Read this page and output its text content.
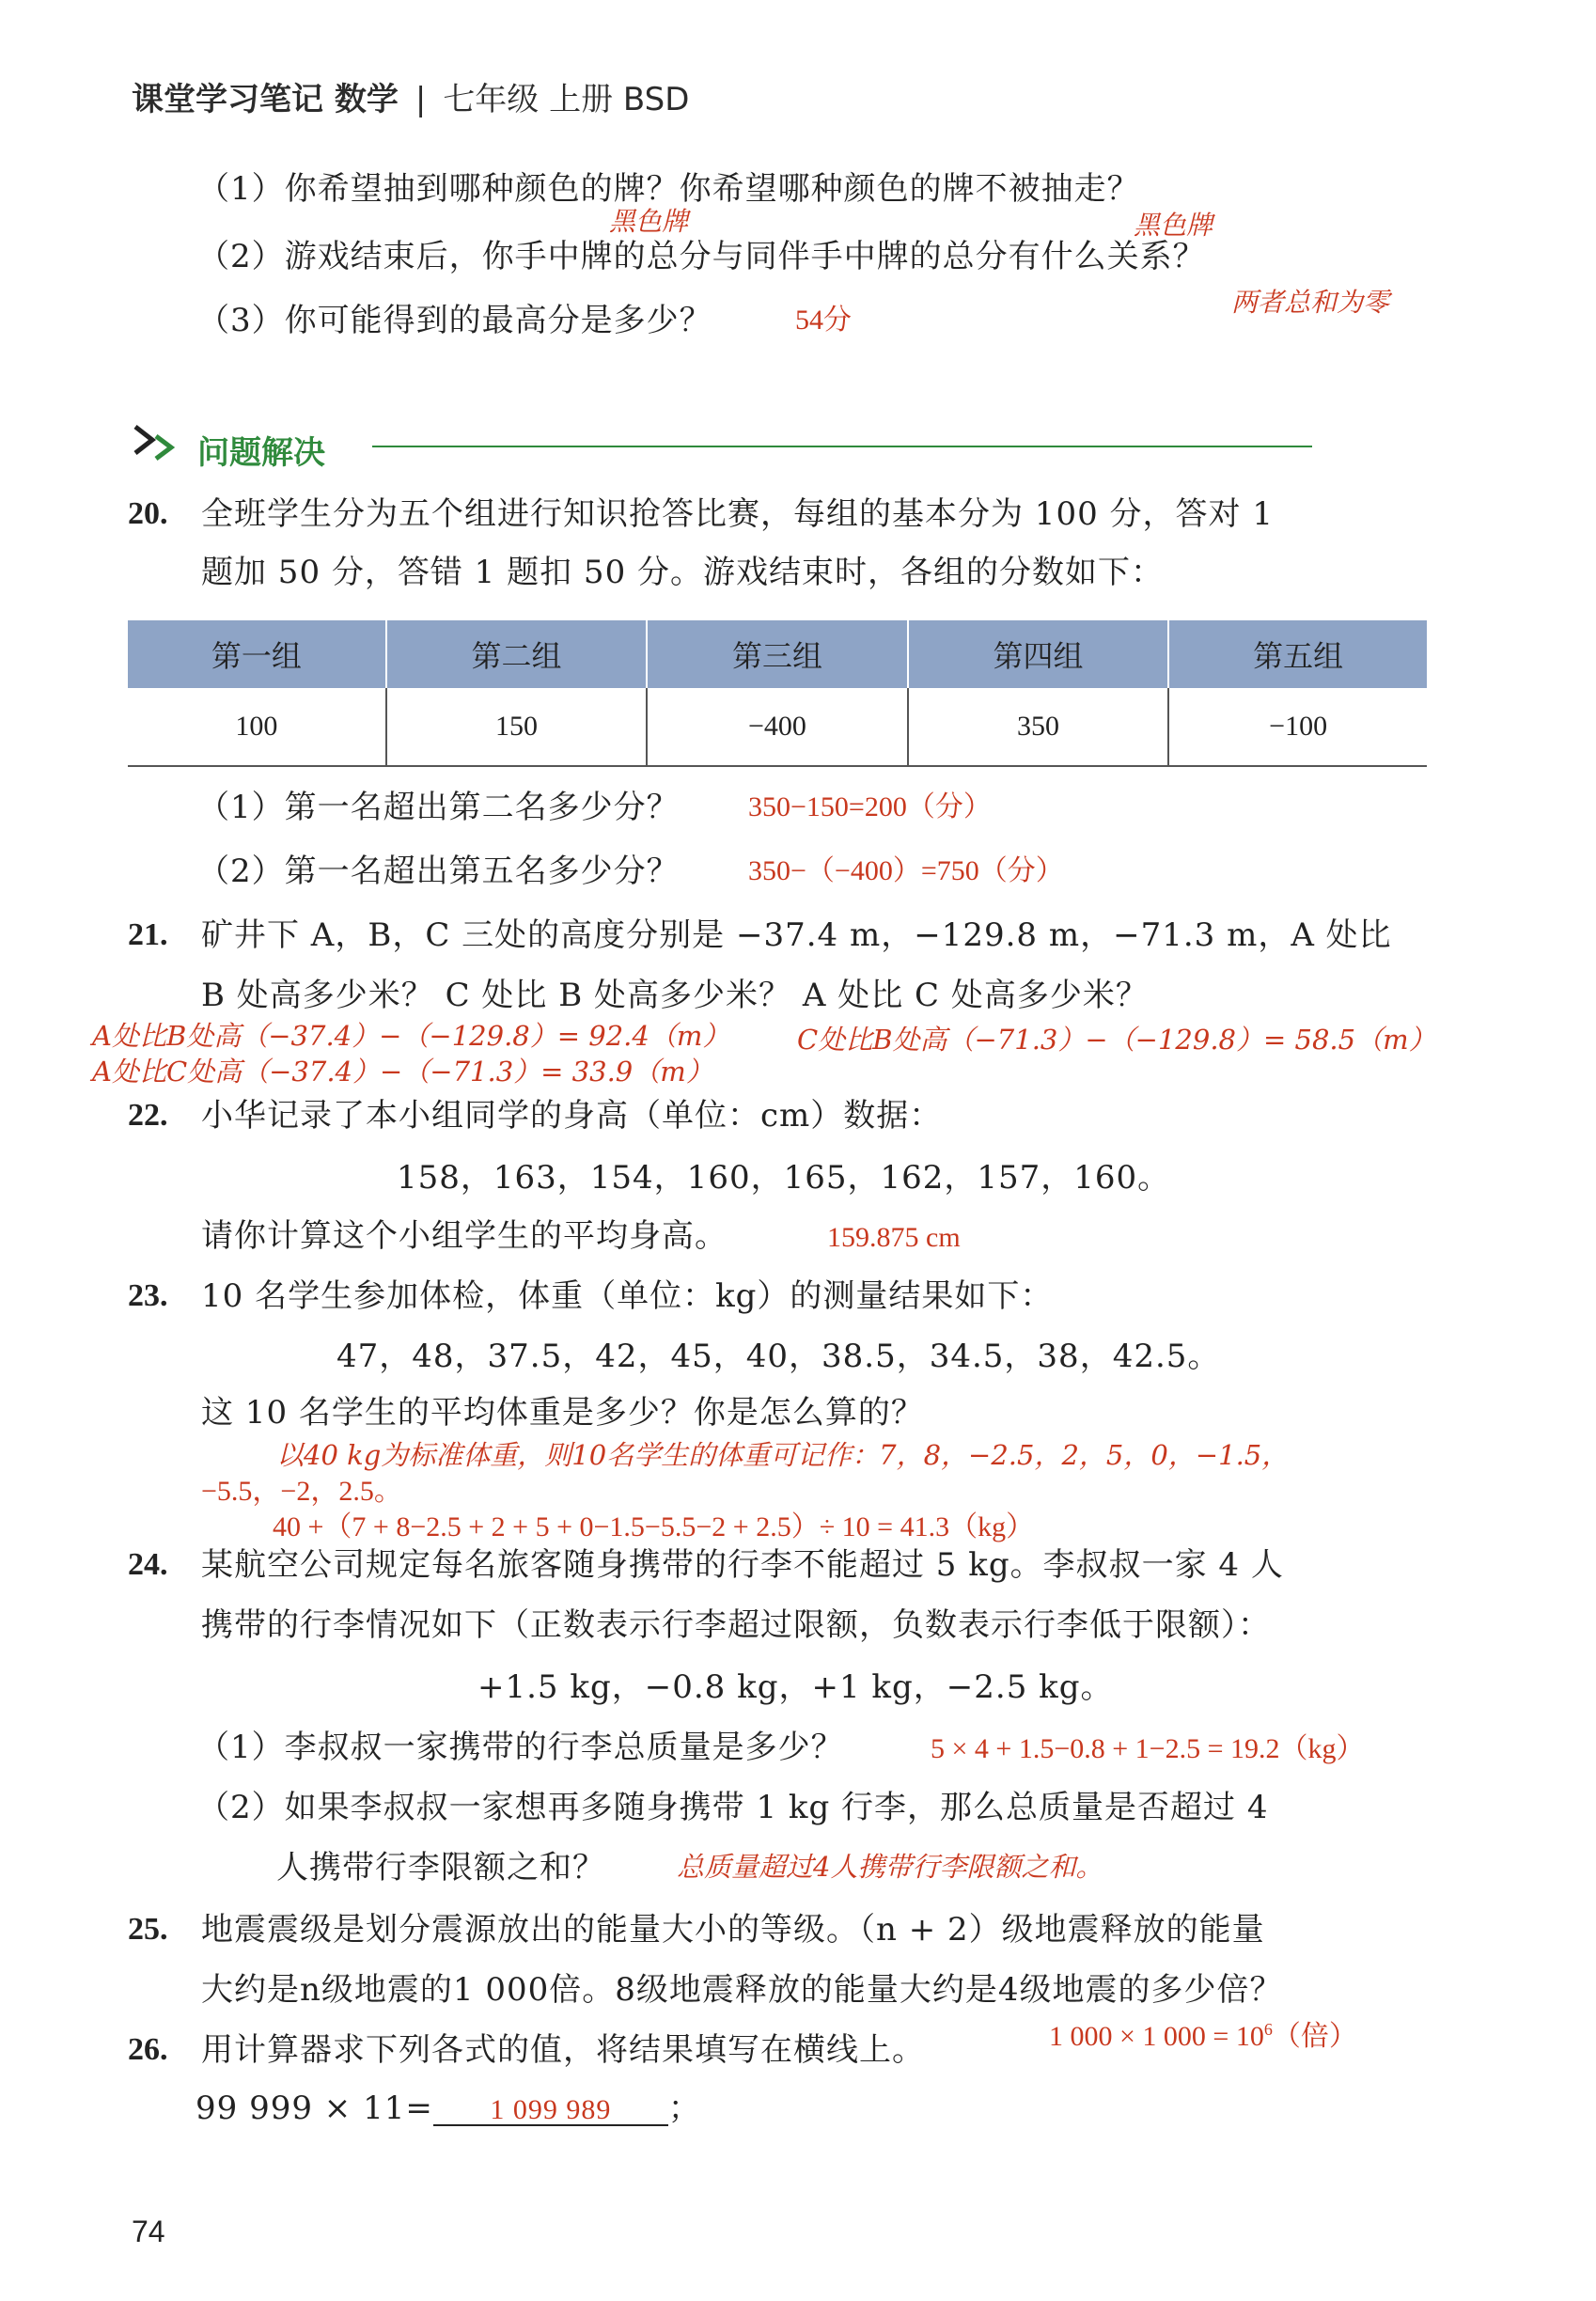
课堂学习笔记 数学 | 七年级 上册 BSD
（1）你希望抽到哪种颜色的牌？你希望哪种颜色的牌不被抽走？
黑色牌	黑色牌
（2）游戏结束后，你手中牌的总分与同伴手中牌的总分有什么关系？
两者总和为零
（3）你可能得到的最高分是多少？	54分
问题解决
20. 全班学生分为五个组进行知识抢答比赛，每组的基本分为 100 分，答对 1
题加 50 分，答错 1 题扣 50 分。游戏结束时，各组的分数如下：
第一组	第二组	第三组	第四组	第五组
100	150	−400	350	−100
（1）第一名超出第二名多少分？ 350−150=200（分）
（2）第一名超出第五名多少分？ 350−（−400）=750（分）
21. 矿井下 A，B，C 三处的高度分别是 −37.4 m，−129.8 m，−71.3 m，A 处比
B 处高多少米？ C 处比 B 处高多少米？ A 处比 C 处高多少米？
A处比B处高（−37.4）−（−129.8）= 92.4（m） C处比B处高（−71.3）−（−129.8）= 58.5（m）
A处比C处高（−37.4）−（−71.3）= 33.9（m）
22. 小华记录了本小组同学的身高（单位：cm）数据：
158，163，154，160，165，162，157，160。
请你计算这个小组学生的平均身高。	159.875 cm
23. 10 名学生参加体检，体重（单位：kg）的测量结果如下：
47，48，37.5，42，45，40，38.5，34.5，38，42.5。
这 10 名学生的平均体重是多少？你是怎么算的？
以40 kg为标准体重，则10名学生的体重可记作：7，8，−2.5，2，5，0，−1.5，
−5.5，−2，2.5。
40 +（7 + 8−2.5 + 2 + 5 + 0−1.5−5.5−2 + 2.5）÷ 10 = 41.3（kg）
24. 某航空公司规定每名旅客随身携带的行李不能超过 5 kg。李叔叔一家 4 人
携带的行李情况如下（正数表示行李超过限额，负数表示行李低于限额）：
+1.5 kg，−0.8 kg，+1 kg，−2.5 kg。
（1）李叔叔一家携带的行李总质量是多少？	5 × 4 + 1.5−0.8 + 1−2.5 = 19.2（kg）
（2）如果李叔叔一家想再多随身携带 1 kg 行李，那么总质量是否超过 4
人携带行李限额之和？	总质量超过4人携带行李限额之和。
25. 地震震级是划分震源放出的能量大小的等级。（n + 2）级地震释放的能量
大约是n级地震的1 000倍。8级地震释放的能量大约是4级地震的多少倍？
26. 用计算器求下列各式的值，将结果填写在横线上。	1 000 × 1 $000 = 10^6$（倍）
99 999 × 11= 1 099 989 ；
74
